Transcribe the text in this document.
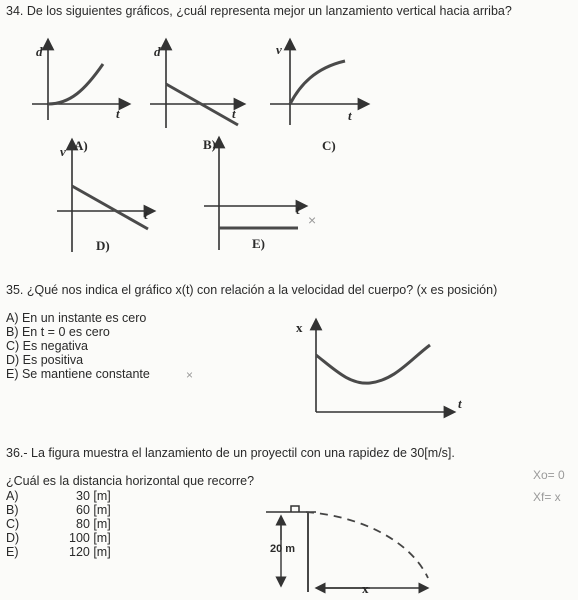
34. De los siguientes gráficos, ¿cuál representa mejor un lanzamiento vertical hacia arriba?
d
t
d
t
v
t
v
t	t
×
A)	B)	C)
D)	E)
35. ¿Qué nos indica el gráfico x(t) con relación a la velocidad del cuerpo? (x es posición)
A) En un instante es cero
B) En t = 0 es cero
C) Es negativa
D) Es positiva
E) Se mantiene constante	×
x
t
36.- La figura muestra el lanzamiento de un proyectil con una rapidez de 30[m/s].
¿Cuál es la distancia horizontal que recorre?
A)	30 [m]
B)	60 [m]
C)	80 [m]
D)	100 [m]
E)	120 [m]	20 m
x
Xo= 0
Xf= x
